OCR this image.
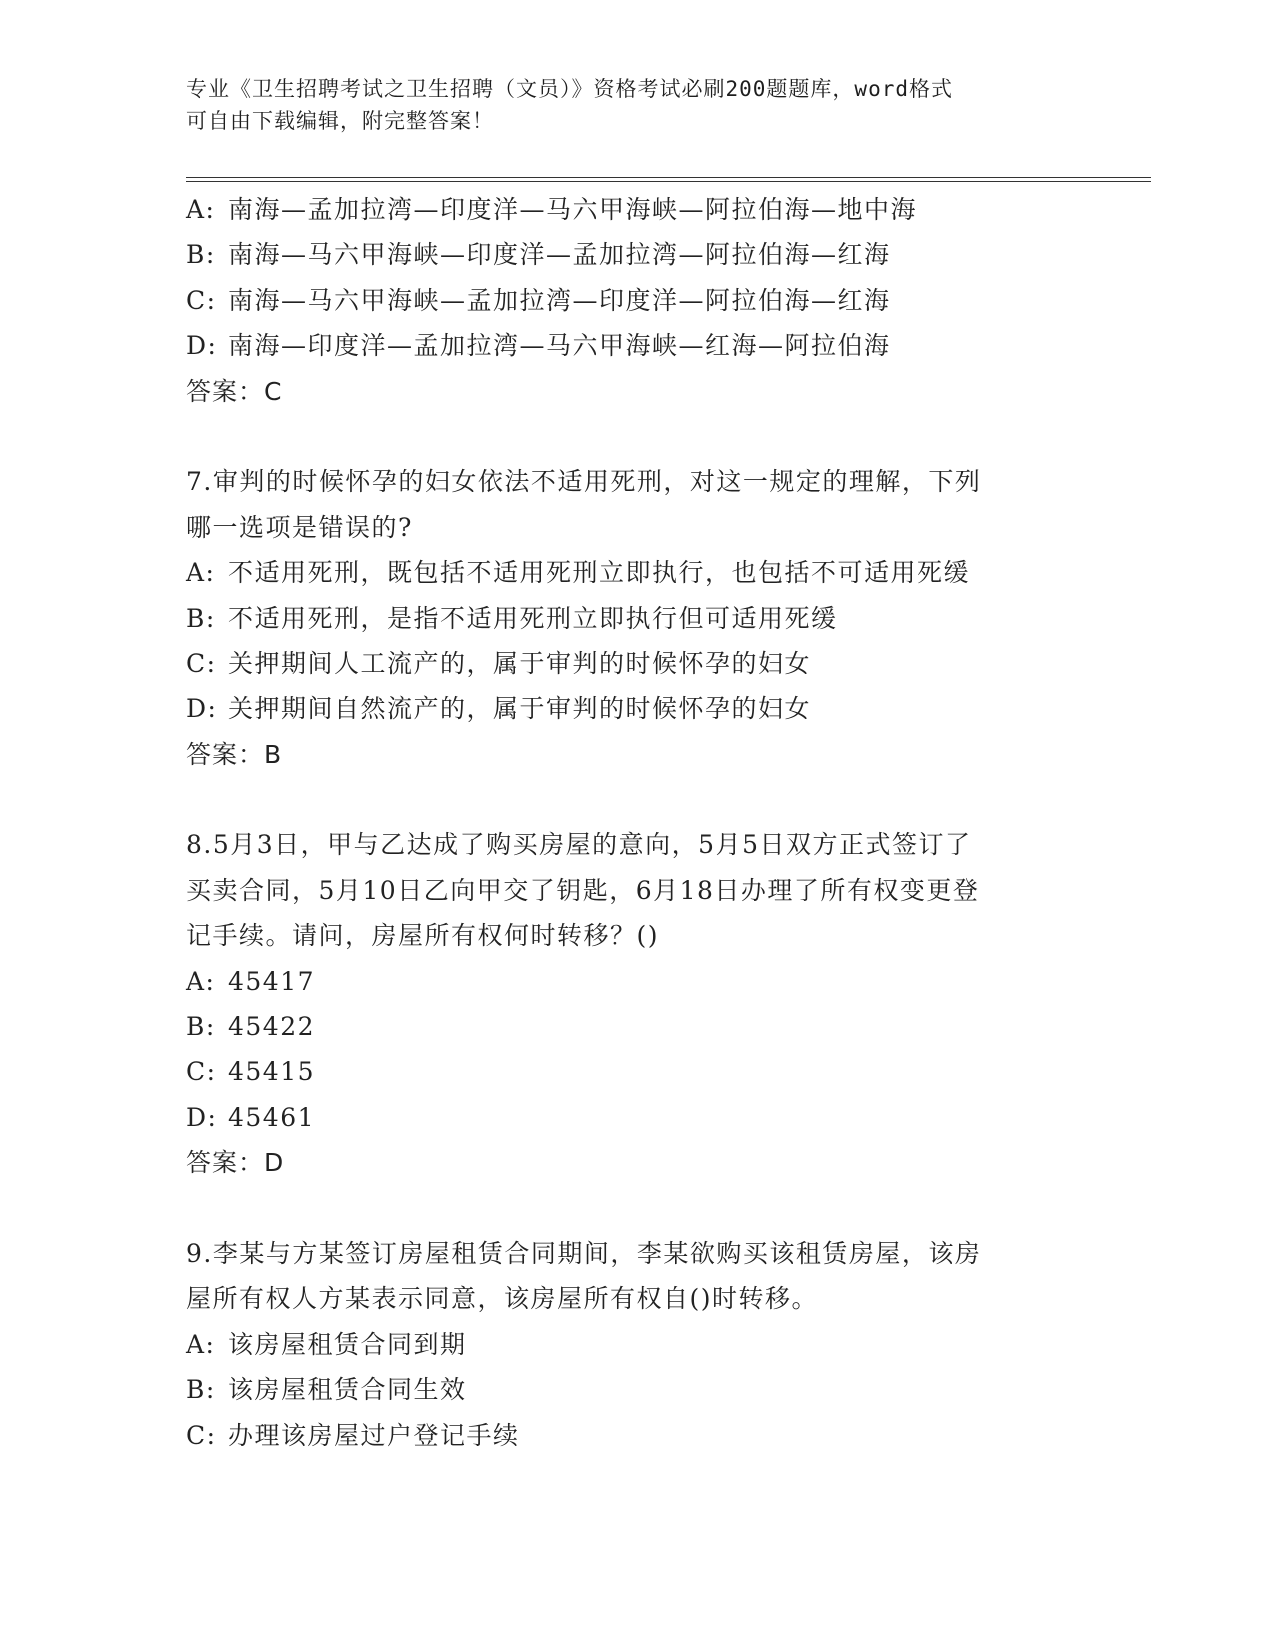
专业《卫生招聘考试之卫生招聘（文员）》资格考试必刷200题题库，word格式
可自由下载编辑，附完整答案！
A: 南海—孟加拉湾—印度洋—马六甲海峡—阿拉伯海—地中海
B: 南海—马六甲海峡—印度洋—孟加拉湾—阿拉伯海—红海
C: 南海—马六甲海峡—孟加拉湾—印度洋—阿拉伯海—红海
D: 南海—印度洋—孟加拉湾—马六甲海峡—红海—阿拉伯海
答案：C
7.审判的时候怀孕的妇女依法不适用死刑，对这一规定的理解，下列
哪一选项是错误的?
A: 不适用死刑，既包括不适用死刑立即执行，也包括不可适用死缓
B: 不适用死刑，是指不适用死刑立即执行但可适用死缓
C: 关押期间人工流产的，属于审判的时候怀孕的妇女
D: 关押期间自然流产的，属于审判的时候怀孕的妇女
答案：B
8.5月3日，甲与乙达成了购买房屋的意向，5月5日双方正式签订了
买卖合同，5月10日乙向甲交了钥匙，6月18日办理了所有权变更登
记手续。请问，房屋所有权何时转移？()
A: 45417
B: 45422
C: 45415
D: 45461
答案：D
9.李某与方某签订房屋租赁合同期间，李某欲购买该租赁房屋，该房
屋所有权人方某表示同意，该房屋所有权自()时转移。
A: 该房屋租赁合同到期
B: 该房屋租赁合同生效
C: 办理该房屋过户登记手续
